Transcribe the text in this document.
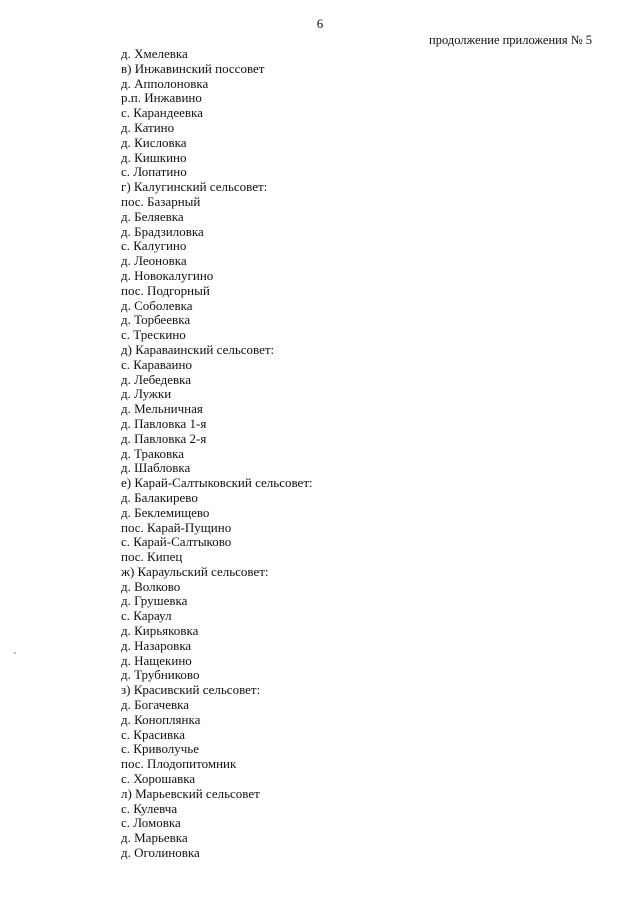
6
продолжение приложения № 5
д. Хмелевка
в) Инжавинский поссовет
д. Апполоновка
р.п. Инжавино
с. Карандеевка
д. Катино
д. Кисловка
д. Кишкино
с. Лопатино
г) Калугинский сельсовет:
пос. Базарный
д. Беляевка
д. Брадзиловка
с. Калугино
д. Леоновка
д. Новокалугино
пос. Подгорный
д. Соболевка
д. Торбеевка
с. Трескино
д) Караваинский сельсовет:
с. Караваино
д. Лебедевка
д. Лужки
д. Мельничная
д. Павловка 1-я
д. Павловка 2-я
д. Траковка
д. Шабловка
е) Карай-Салтыковский сельсовет:
д. Балакирево
д. Беклемищево
пос. Карай-Пущино
с. Карай-Салтыково
пос. Кипец
ж) Караульский сельсовет:
д. Волково
д. Грушевка
с. Караул
д. Кирьяковка
д. Назаровка
д. Нащекино
д. Трубниково
з) Красивский сельсовет:
д. Богачевка
д. Коноплянка
с. Красивка
с. Криволучье
пос. Плодопитомник
с. Хорошавка
л) Марьевский сельсовет
с. Кулевча
с. Ломовка
д. Марьевка
д. Оголиновка
